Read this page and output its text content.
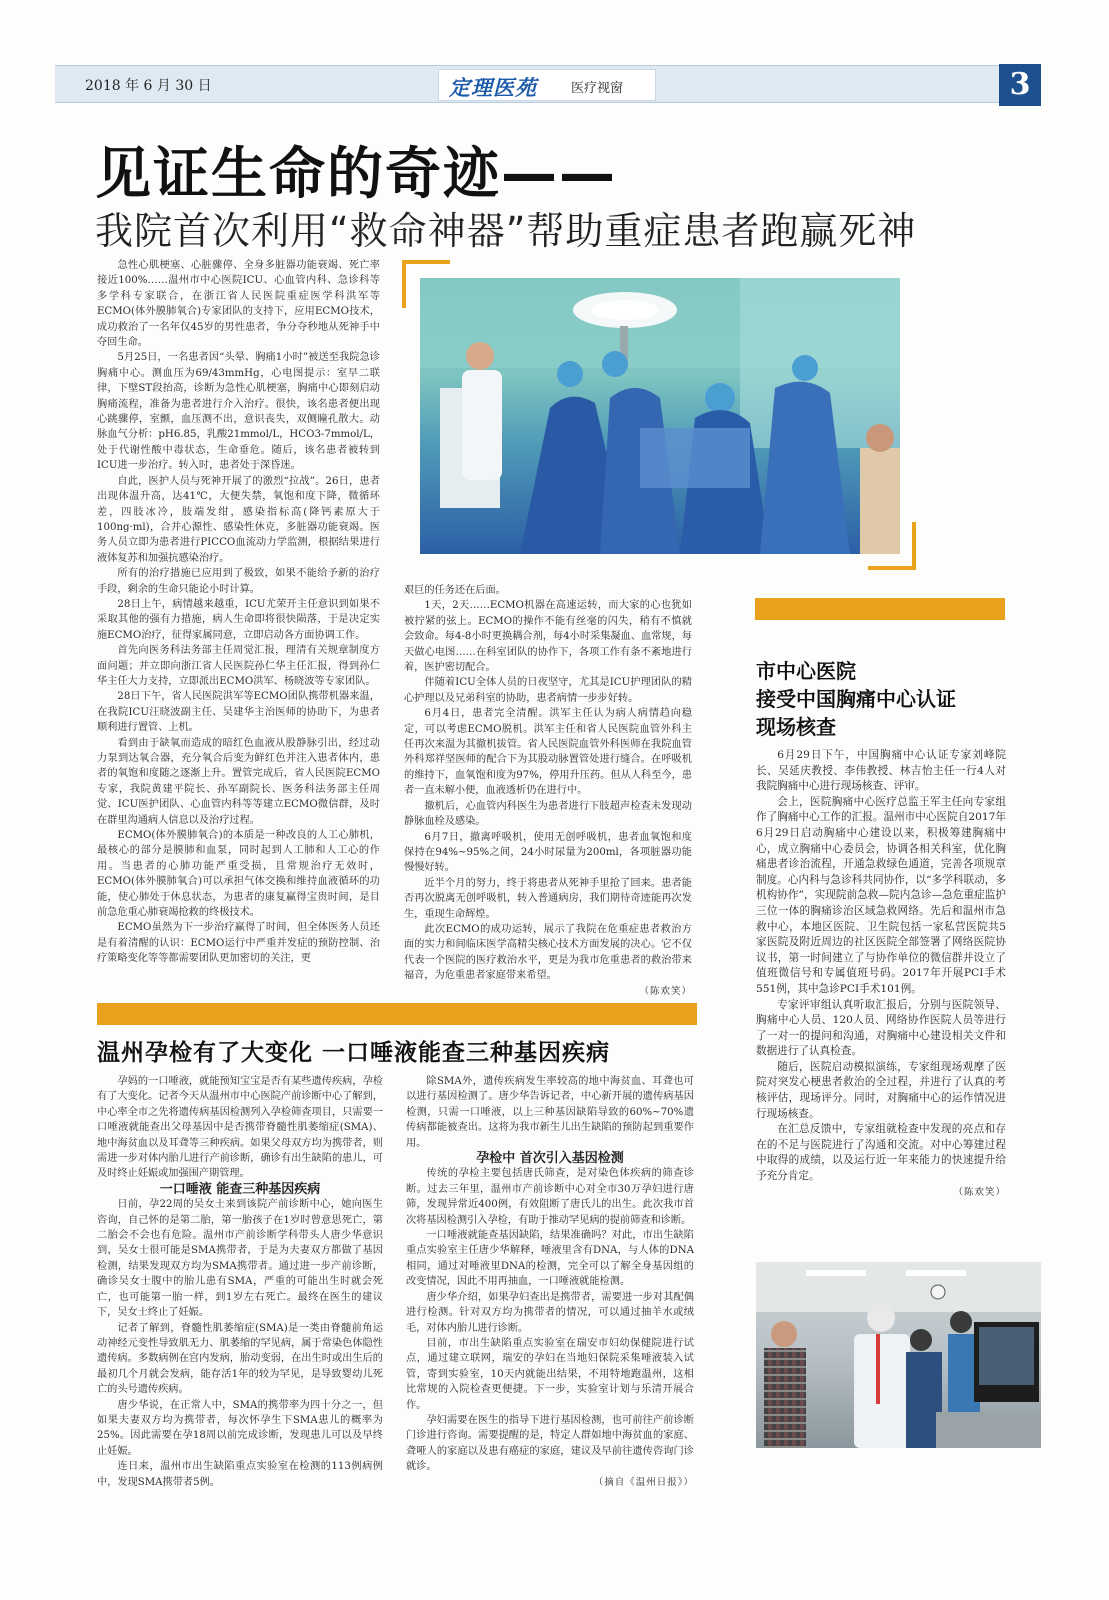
2018 年 6 月 30 日	定理医苑	医疗视窗	3
见证生命的奇迹——
我院首次利用“救命神器”帮助重症患者跑赢死神

急性心肌梗塞、心脏骤停、全身多脏器功能衰竭、死亡率接近100%……温州市中心医院ICU、心血管内科、急诊科等多学科专家联合，在浙江省人民医院重症医学科洪军等ECMO(体外膜肺氧合)专家团队的支持下，应用ECMO技术，成功救治了一名年仅45岁的男性患者，争分夺秒地从死神手中夺回生命。

5月25日，一名患者因“头晕、胸痛1小时”被送至我院急诊胸痛中心。测血压为69/43mmHg，心电图提示：室早二联律，下壁ST段抬高，诊断为急性心肌梗塞，胸痛中心即刻启动胸痛流程，准备为患者进行介入治疗。很快，该名患者便出现心跳骤停，室颤，血压测不出，意识丧失，双侧瞳孔散大。动脉血气分析：pH6.85，乳酸21mmol/L，HCO3-7mmol/L，处于代谢性酸中毒状态，生命垂危。随后，该名患者被转到ICU进一步治疗。转入时，患者处于深昏迷。

自此，医护人员与死神开展了的激烈“拉战”。26日，患者出现体温升高，达41℃，大便失禁，氧饱和度下降，微循环差，四肢冰冷，肢端发绀，感染指标高(降钙素原大于100ng·ml)，合并心源性、感染性休克，多脏器功能衰竭。医务人员立即为患者进行PICCO血流动力学监测，根据结果进行液体复苏和加强抗感染治疗。

所有的治疗措施已应用到了极致，如果不能给予新的治疗手段，剩余的生命只能论小时计算。

28日上午，病情越来越重，ICU尤荣开主任意识到如果不采取其他的强有力措施，病人生命即将很快陨落，于是决定实施ECMO治疗，征得家属同意，立即启动各方面协调工作。

首先向医务科法务部主任周觉汇报，理清有关规章制度方面问题；并立即向浙江省人民医院孙仁华主任汇报，得到孙仁华主任大力支持，立即派出ECMO洪军、杨晓波等专家团队。

28日下午，省人民医院洪军等ECMO团队携带机器来温，在我院ICU汪晓波副主任、吴建华主治医师的协助下，为患者顺利进行置管、上机。

看到由于缺氧而造成的暗红色血液从股静脉引出，经过动力泵到达氧合器，充分氧合后变为鲜红色并注入患者体内，患者的氧饱和度随之逐渐上升。置管完成后，省人民医院ECMO专家，我院黄建平院长、孙军副院长、医务科法务部主任周觉、ICU医护团队、心血管内科等等建立ECMO微信群，及时在群里沟通病人信息以及治疗过程。

ECMO(体外膜肺氧合)的本质是一种改良的人工心肺机，最核心的部分是膜肺和血泵，同时起到人工肺和人工心的作用。当患者的心肺功能严重受损，且常规治疗无效时，ECMO(体外膜肺氧合)可以承担气体交换和维持血液循环的功能，使心肺处于休息状态，为患者的康复赢得宝贵时间，是目前急危重心肺衰竭抢救的终极技术。

ECMO虽然为下一步治疗赢得了时间，但全体医务人员还是有着清醒的认识：ECMO运行中严重并发症的预防控制、治疗策略变化等等都需要团队更加密切的关注，更

艰巨的任务还在后面。

1天，2天……ECMO机器在高速运转，而大家的心也犹如被拧紧的弦上。ECMO的操作不能有丝毫的闪失，稍有不慎就会致命。每4-8小时更换耦合剂，每4小时采集凝血、血常规，每天做心电图……在科室团队的协作下，各项工作有条不紊地进行着，医护密切配合。

伴随着ICU全体人员的日夜坚守，尤其是ICU护理团队的精心护理以及兄弟科室的协助，患者病情一步步好转。

6月4日，患者完全清醒。洪军主任认为病人病情趋向稳定，可以考虑ECMO脱机。洪军主任和省人民医院血管外科主任再次来温为其撤机拔管。省人民医院血管外科医师在我院血管外科郑祥坚医师的配合下为其股动脉置管处进行缝合。在呼吸机的维持下，血氧饱和度为97%，停用升压药。但从人科至今，患者一直未解小便，血液透析仍在进行中。

撤机后，心血管内科医生为患者进行下肢超声检查未发现动静脉血栓及感染。

6月7日，撤离呼吸机，使用无创呼吸机，患者血氧饱和度保持在94%~95%之间，24小时尿量为200ml，各项脏器功能慢慢好转。

近半个月的努力，终于将患者从死神手里抢了回来。患者能否再次脱离无创呼吸机，转入普通病房，我们期待奇迹能再次发生，重现生命辉煌。

此次ECMO的成功运转，展示了我院在危重症患者救治方面的实力和间临床医学高精尖核心技术方面发展的决心。它不仅代表一个医院的医疗救治水平，更是为我市危重患者的救治带来福音，为危重患者家庭带来希望。

（陈欢笑）
市中心医院
接受中国胸痛中心认证
现场核查

6月29日下午，中国胸痛中心认证专家刘峰院长、吴延庆教授、李伟教授、林吉怡主任一行4人对我院胸痛中心进行现场核查、评审。

会上，医院胸痛中心医疗总监王军主任向专家组作了胸痛中心工作的汇报。温州市中心医院自2017年6月29日启动胸痛中心建设以来，积极筹建胸痛中心，成立胸痛中心委员会，协调各相关科室，优化胸痛患者诊治流程，开通急救绿色通道，完善各项规章制度。心内科与急诊科共同协作，以“多学科联动，多机构协作”，实现院前急救—院内急诊—急危重症监护三位一体的胸痛诊治区域急救网络。先后和温州市急救中心，本地区医院、卫生院包括一家私营医院共5家医院及附近周边的社区医院全部签署了网络医院协议书，第一时间建立了与协作单位的微信群并设立了值班微信号和专属值班号码。2017年开展PCI手术551例，其中急诊PCI手术101例。

专家评审组认真听取汇报后，分别与医院领导、胸痛中心人员、120人员、网络协作医院人员等进行了一对一的提问和沟通，对胸痛中心建设相关文件和数据进行了认真检查。

随后，医院启动模拟演练，专家组现场观摩了医院对突发心梗患者救治的全过程，并进行了认真的考核评估，现场评分。同时，对胸痛中心的运作情况进行现场核查。

在汇总反馈中，专家组就检查中发现的亮点和存在的不足与医院进行了沟通和交流。对中心筹建过程中取得的成绩，以及运行近一年来能力的快速提升给予充分肯定。

（陈欢笑）
温州孕检有了大变化 一口唾液能查三种基因疾病

孕妈的一口唾液，就能预知宝宝是否有某些遗传疾病，孕检有了大变化。记者今天从温州市中心医院产前诊断中心了解到，中心率全市之先将遗传病基因检测列入孕检筛查项目，只需要一口唾液就能查出父母基因中是否携带脊髓性肌萎缩症(SMA)、地中海贫血以及耳聋等三种疾病。如果父母双方均为携带者，则需进一步对体内胎儿进行产前诊断，确诊有出生缺陷的患儿，可及时终止妊娠或加强围产期管理。

一口唾液 能查三种基因疾病

日前，孕22周的吴女士来到该院产前诊断中心，她向医生咨询，自己怀的是第二胎，第一胎孩子在1岁时曾意思死亡，第二胎会不会也有危险。温州市产前诊断学科带头人唐少华意识到，吴女士很可能是SMA携带者，于是为夫妻双方都做了基因检测，结果发现双方均为SMA携带者。通过进一步产前诊断，确诊吴女士腹中的胎儿患有SMA，严重的可能出生时就会死亡，也可能第一胎一样，到1岁左右死亡。最终在医生的建议下，吴女士终止了妊娠。

记者了解到，脊髓性肌萎缩症(SMA)是一类由脊髓前角运动神经元变性导致肌无力、肌萎缩的罕见病，属于常染色体隐性遗传病。多数病例在宫内发病，胎动变弱，在出生时或出生后的最初几个月就会发病，能存活1年的较为罕见，是导致婴幼儿死亡的头号遗传疾病。

唐少华说，在正常人中，SMA的携带率为四十分之一，但如果夫妻双方均为携带者，每次怀孕生下SMA患儿的概率为25%。因此需要在孕18周以前完成诊断，发现患儿可以及早终止妊娠。

连日来，温州市出生缺陷重点实验室在检测的113例病例中，发现SMA携带者5例。

除SMA外，遗传疾病发生率较高的地中海贫血、耳聋也可以进行基因检测了。唐少华告诉记者，中心新开展的遗传病基因检测，只需一口唾液，以上三种基因缺陷导致的60%~70%遗传病都能被查出。这将为我市新生儿出生缺陷的预防起到重要作用。

孕检中 首次引入基因检测

传统的孕检主要包括唐氏筛查，是对染色体疾病的筛查诊断。过去三年里，温州市产前诊断中心对全市30万孕妇进行唐筛，发现异常近400例，有效阻断了唐氏儿的出生。此次我市首次将基因检测引入孕检，有助于推动罕见病的提前筛查和诊断。

一口唾液就能查基因缺陷，结果准确吗？对此，市出生缺陷重点实验室主任唐少华解释，唾液里含有DNA，与人体的DNA相同，通过对唾液里DNA的检测，完全可以了解全身基因组的改变情况，因此不用再抽血，一口唾液就能检测。

唐少华介绍，如果孕妇查出是携带者，需要进一步对其配偶进行检测。针对双方均为携带者的情况，可以通过抽羊水或绒毛，对体内胎儿进行诊断。

目前，市出生缺陷重点实验室在瑞安市妇幼保健院进行试点，通过建立联网，瑞安的孕妇在当地妇保院采集唾液装入试管，寄到实验室，10天内就能出结果，不用特地跑温州，这相比常规的入院检查更便捷。下一步，实验室计划与乐清开展合作。

孕妇需要在医生的指导下进行基因检测，也可前往产前诊断门诊进行咨询。需要提醒的是，特定人群如地中海贫血的家庭、聋哑人的家庭以及患有癌症的家庭，建议及早前往遗传咨询门诊就诊。

（摘自《温州日报》）
